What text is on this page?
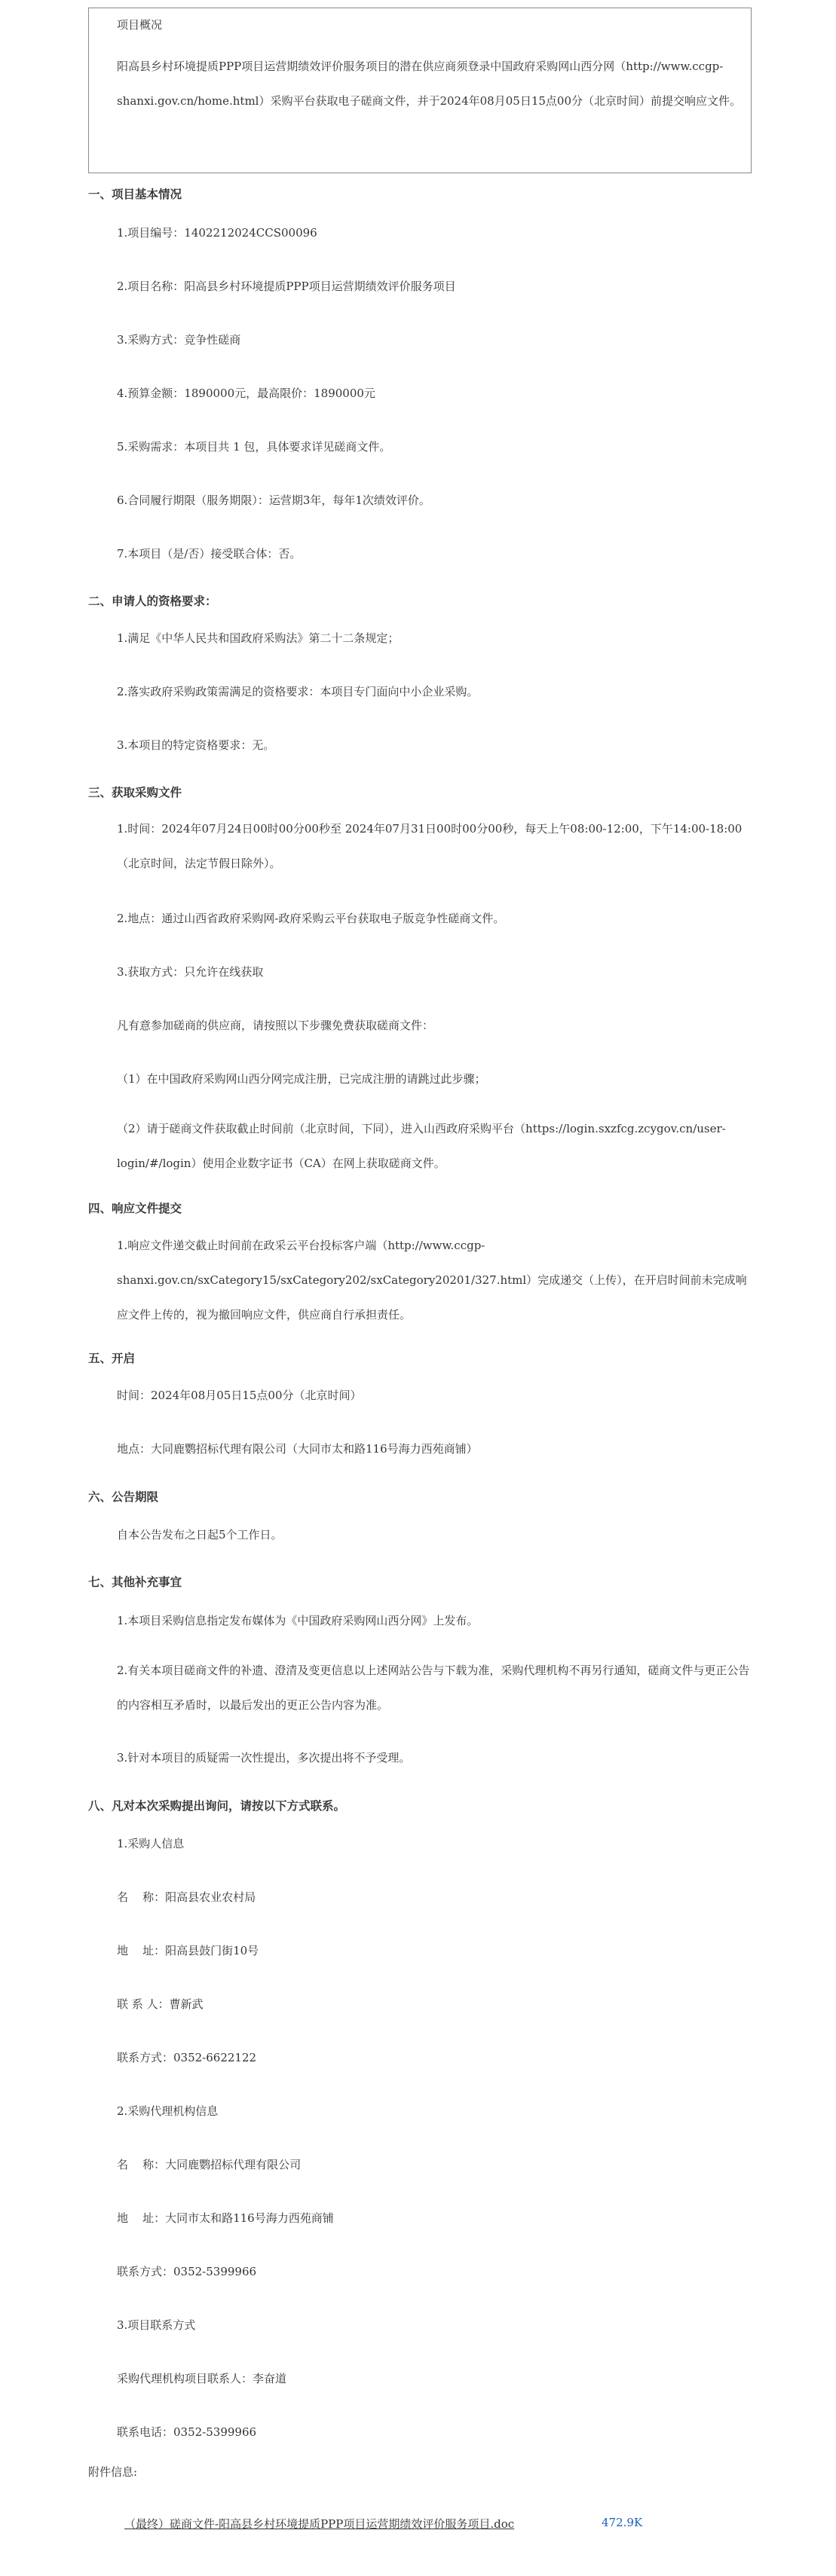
项目概况
阳高县乡村环境提质PPP项目运营期绩效评价服务项目的潜在供应商须登录中国政府采购网山西分网（http://www.ccgp-shanxi.gov.cn/home.html）采购平台获取电子磋商文件，并于2024年08月05日15点00分（北京时间）前提交响应文件。
一、项目基本情况
1.项目编号：1402212024CCS00096
2.项目名称：阳高县乡村环境提质PPP项目运营期绩效评价服务项目
3.采购方式：竞争性磋商
4.预算金额：1890000元，最高限价：1890000元
5.采购需求：本项目共 1 包，具体要求详见磋商文件。
6.合同履行期限（服务期限）：运营期3年，每年1次绩效评价。
7.本项目（是/否）接受联合体：否。
二、申请人的资格要求：
1.满足《中华人民共和国政府采购法》第二十二条规定；
2.落实政府采购政策需满足的资格要求：本项目专门面向中小企业采购。
3.本项目的特定资格要求：无。
三、获取采购文件
1.时间：2024年07月24日00时00分00秒至 2024年07月31日00时00分00秒，每天上午08:00-12:00，下午14:00-18:00（北京时间，法定节假日除外）。
2.地点：通过山西省政府采购网-政府采购云平台获取电子版竞争性磋商文件。
3.获取方式：只允许在线获取
凡有意参加磋商的供应商，请按照以下步骤免费获取磋商文件：
（1）在中国政府采购网山西分网完成注册，已完成注册的请跳过此步骤；
（2）请于磋商文件获取截止时间前（北京时间，下同），进入山西政府采购平台（https://login.sxzfcg.zcygov.cn/user-login/#/login）使用企业数字证书（CA）在网上获取磋商文件。
四、响应文件提交
1.响应文件递交截止时间前在政采云平台投标客户端（http://www.ccgp-shanxi.gov.cn/sxCategory15/sxCategory202/sxCategory20201/327.html）完成递交（上传），在开启时间前未完成响应文件上传的，视为撤回响应文件，供应商自行承担责任。
五、开启
时间：2024年08月05日15点00分（北京时间）
地点：大同鹿鹦招标代理有限公司（大同市太和路116号海力西苑商铺）
六、公告期限
自本公告发布之日起5个工作日。
七、其他补充事宜
1.本项目采购信息指定发布媒体为《中国政府采购网山西分网》上发布。
2.有关本项目磋商文件的补遗、澄清及变更信息以上述网站公告与下载为准，采购代理机构不再另行通知，磋商文件与更正公告的内容相互矛盾时，以最后发出的更正公告内容为准。
3.针对本项目的质疑需一次性提出，多次提出将不予受理。
八、凡对本次采购提出询问，请按以下方式联系。
1.采购人信息
名    称：阳高县农业农村局
地    址：阳高县鼓门街10号
联 系 人：曹新武
联系方式：0352-6622122
2.采购代理机构信息
名    称：大同鹿鹦招标代理有限公司
地    址：大同市太和路116号海力西苑商铺
联系方式：0352-5399966
3.项目联系方式
采购代理机构项目联系人：李奋道
联系电话：0352-5399966
附件信息:
（最终）磋商文件-阳高县乡村环境提质PPP项目运营期绩效评价服务项目.doc	472.9K
